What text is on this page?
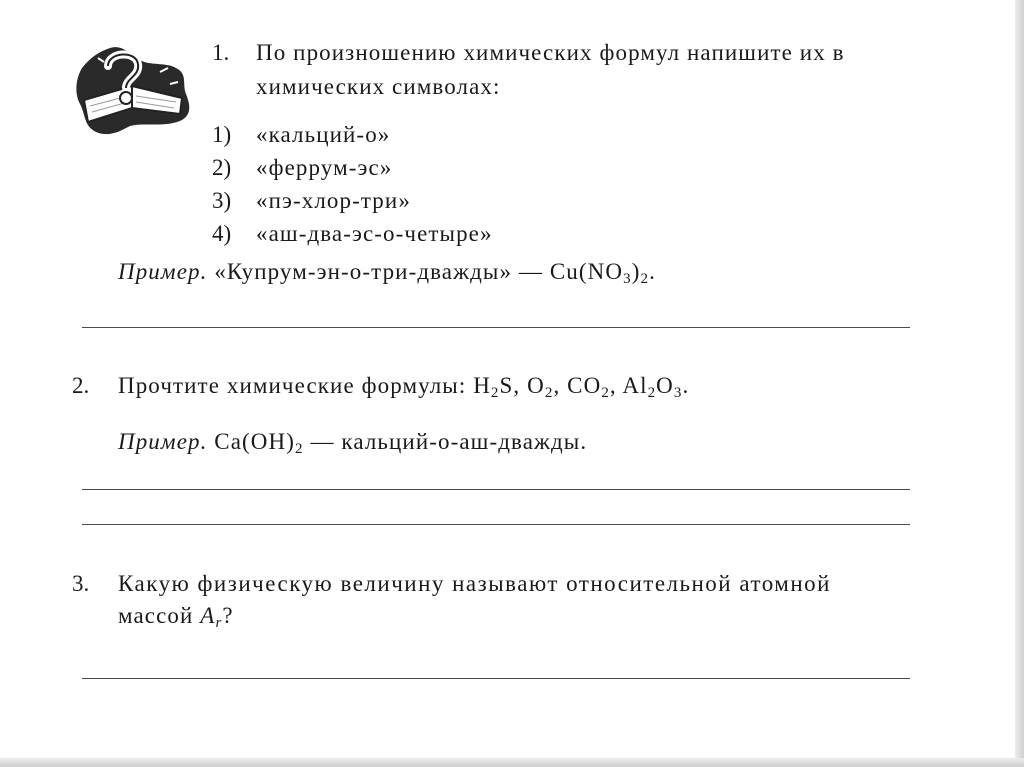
1. По произношению химических формул напишите их в
химических символах:
1) «кальций-о»
2) «феррум-эс»
3) «пэ-хлор-три»
4) «аш-два-эс-о-четыре»
Пример. «Купрум-эн-о-три-дважды» — $Cu(NO_3)_2$.
2. Прочтите химические формулы: $H_2S$, $O_2$, $CO_2$, $Al_2O_3$.
Пример. $Ca(OH)_2$ — кальций-о-аш-дважды.
3. Какую физическую величину называют относительной атомной
массой $A_r$?
